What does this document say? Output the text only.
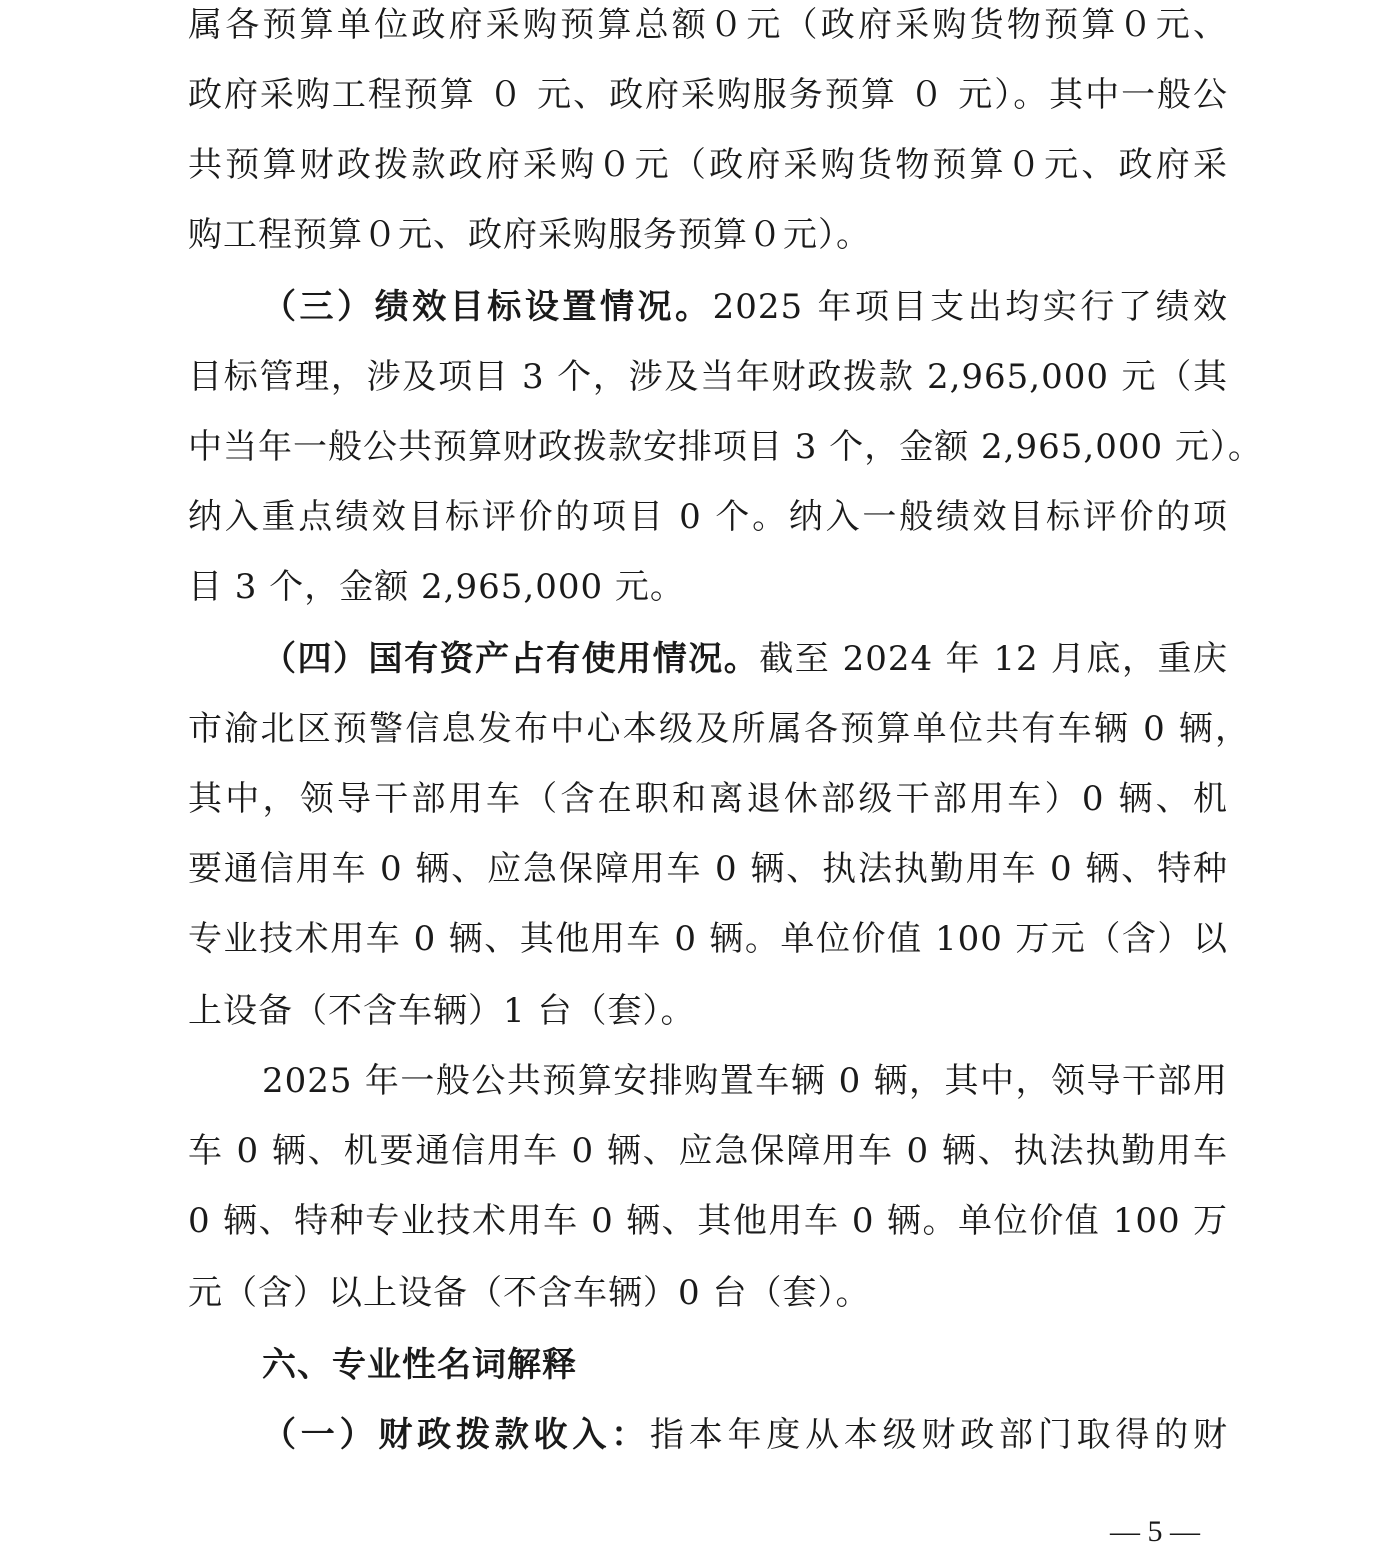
属各预算单位政府采购预算总额０元（政府采购货物预算０元、
政府采购工程预算 ０ 元、政府采购服务预算 ０ 元）。其中一般公
共预算财政拨款政府采购０元（政府采购货物预算０元、政府采
购工程预算０元、政府采购服务预算０元）。
（三）绩效目标设置情况。2025 年项目支出均实行了绩效
目标管理，涉及项目 3 个，涉及当年财政拨款 2,965,000 元（其
中当年一般公共预算财政拨款安排项目 3 个，金额 2,965,000 元）。
纳入重点绩效目标评价的项目 0 个。纳入一般绩效目标评价的项
目 3 个，金额 2,965,000 元。
（四）国有资产占有使用情况。截至 2024 年 12 月底，重庆
市渝北区预警信息发布中心本级及所属各预算单位共有车辆 0 辆，
其中，领导干部用车（含在职和离退休部级干部用车）0 辆、机
要通信用车 0 辆、应急保障用车 0 辆、执法执勤用车 0 辆、特种
专业技术用车 0 辆、其他用车 0 辆。单位价值 100 万元（含）以
上设备（不含车辆）1 台（套）。
2025 年一般公共预算安排购置车辆 0 辆，其中，领导干部用
车 0 辆、机要通信用车 0 辆、应急保障用车 0 辆、执法执勤用车
0 辆、特种专业技术用车 0 辆、其他用车 0 辆。单位价值 100 万
元（含）以上设备（不含车辆）0 台（套）。
六、专业性名词解释
（一）财政拨款收入：指本年度从本级财政部门取得的财
— 5 —
